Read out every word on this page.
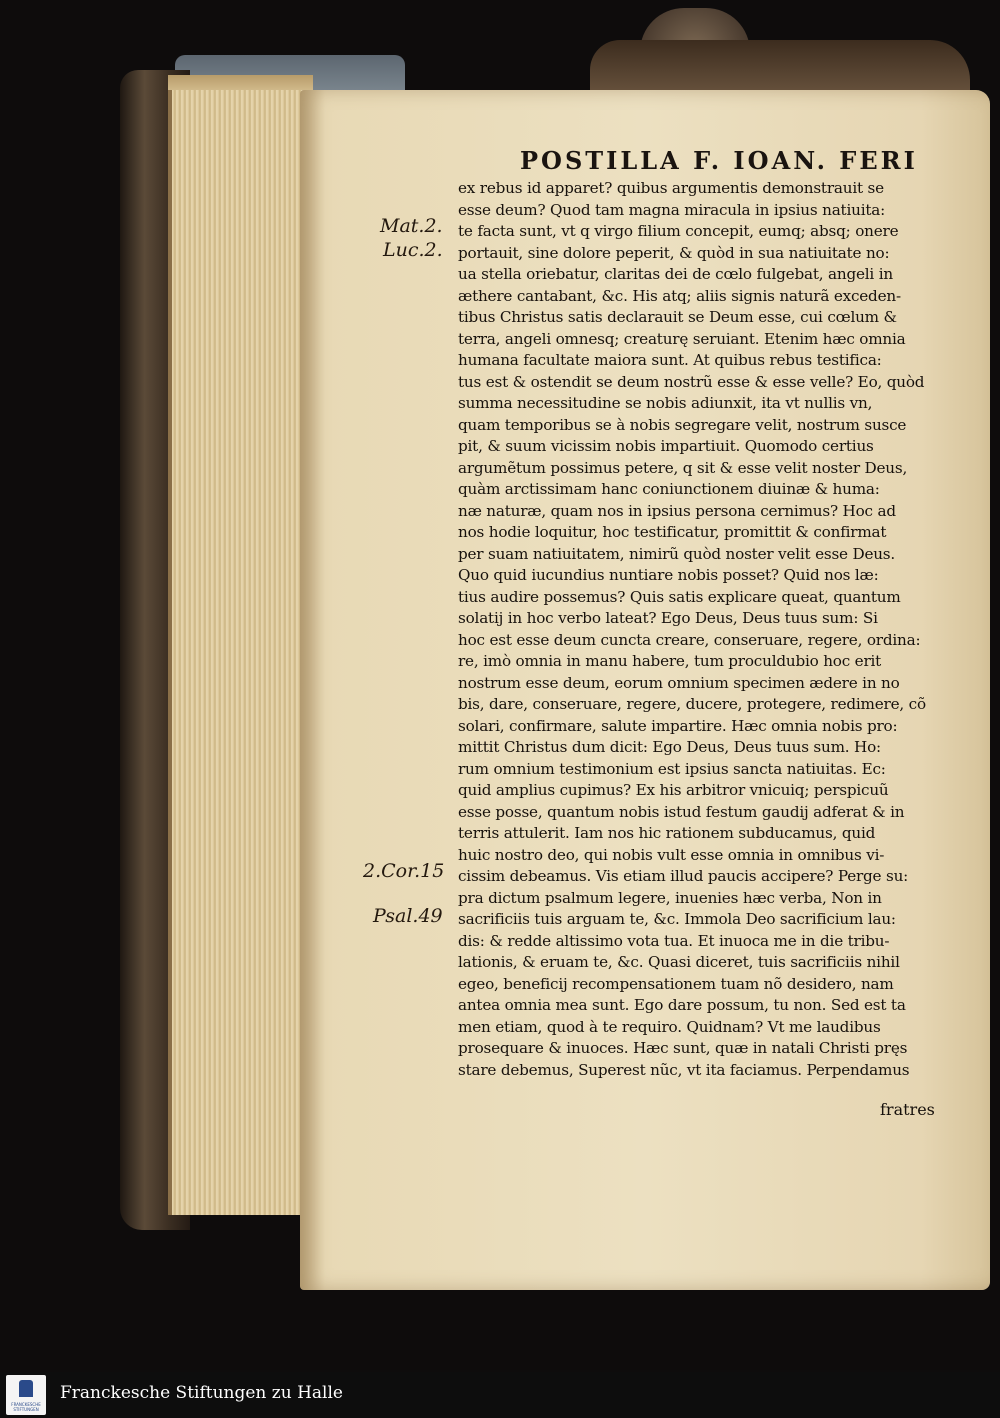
POSTILLA F. IOAN. FERI
Mat.2.
Luc.2.
2.Cor.15
Psal.49
ex rebus id apparet? quibus argumentis demonstrauit se
esse deum? Quod tam magna miracula in ipsius natiuita:
te facta sunt, vt q virgo filium concepit, eumq; absq; onere
portauit, sine dolore peperit, & quòd in sua natiuitate no:
ua stella oriebatur, claritas dei de cœlo fulgebat, angeli in
æthere cantabant, &c. His atq; aliis signis naturã exceden-
tibus Christus satis declarauit se Deum esse, cui cœlum &
terra, angeli omnesq; creaturę seruiant. Etenim hæc omnia
humana facultate maiora sunt. At quibus rebus testifica:
tus est & ostendit se deum nostrũ esse & esse velle? Eo, quòd
summa necessitudine se nobis adiunxit, ita vt nullis vn,
quam temporibus se à nobis segregare velit, nostrum susce
pit, & suum vicissim nobis impartiuit. Quomodo certius
argumẽtum possimus petere, q sit & esse velit noster Deus,
quàm arctissimam hanc coniunctionem diuinæ & huma:
næ naturæ, quam nos in ipsius persona cernimus? Hoc ad
nos hodie loquitur, hoc testificatur, promittit & confirmat
per suam natiuitatem, nimirũ quòd noster velit esse Deus.
Quo quid iucundius nuntiare nobis posset? Quid nos læ:
tius audire possemus? Quis satis explicare queat, quantum
solatij in hoc verbo lateat? Ego Deus, Deus tuus sum: Si
hoc est esse deum cuncta creare, conseruare, regere, ordina:
re, imò omnia in manu habere, tum proculdubio hoc erit
nostrum esse deum, eorum omnium specimen ædere in no
bis, dare, conseruare, regere, ducere, protegere, redimere, cõ
solari, confirmare, salute impartire. Hæc omnia nobis pro:
mittit Christus dum dicit: Ego Deus, Deus tuus sum. Ho:
rum omnium testimonium est ipsius sancta natiuitas. Ec:
quid amplius cupimus? Ex his arbitror vnicuiq; perspicuũ
esse posse, quantum nobis istud festum gaudij adferat & in
terris attulerit. Iam nos hic rationem subducamus, quid
huic nostro deo, qui nobis vult esse omnia in omnibus vi-
cissim debeamus. Vis etiam illud paucis accipere? Perge su:
pra dictum psalmum legere, inuenies hæc verba, Non in
sacrificiis tuis arguam te, &c. Immola Deo sacrificium lau:
dis: & redde altissimo vota tua. Et inuoca me in die tribu-
lationis, & eruam te, &c. Quasi diceret, tuis sacrificiis nihil
egeo, beneficij recompensationem tuam nõ desidero, nam
antea omnia mea sunt. Ego dare possum, tu non. Sed est ta
men etiam, quod à te requiro. Quidnam? Vt me laudibus
prosequare & inuoces. Hæc sunt, quæ in natali Christi pręs
stare debemus, Superest nũc, vt ita faciamus. Perpendamus
fratres
FRANCKESCHE STIFTUNGEN
Franckesche Stiftungen zu Halle
